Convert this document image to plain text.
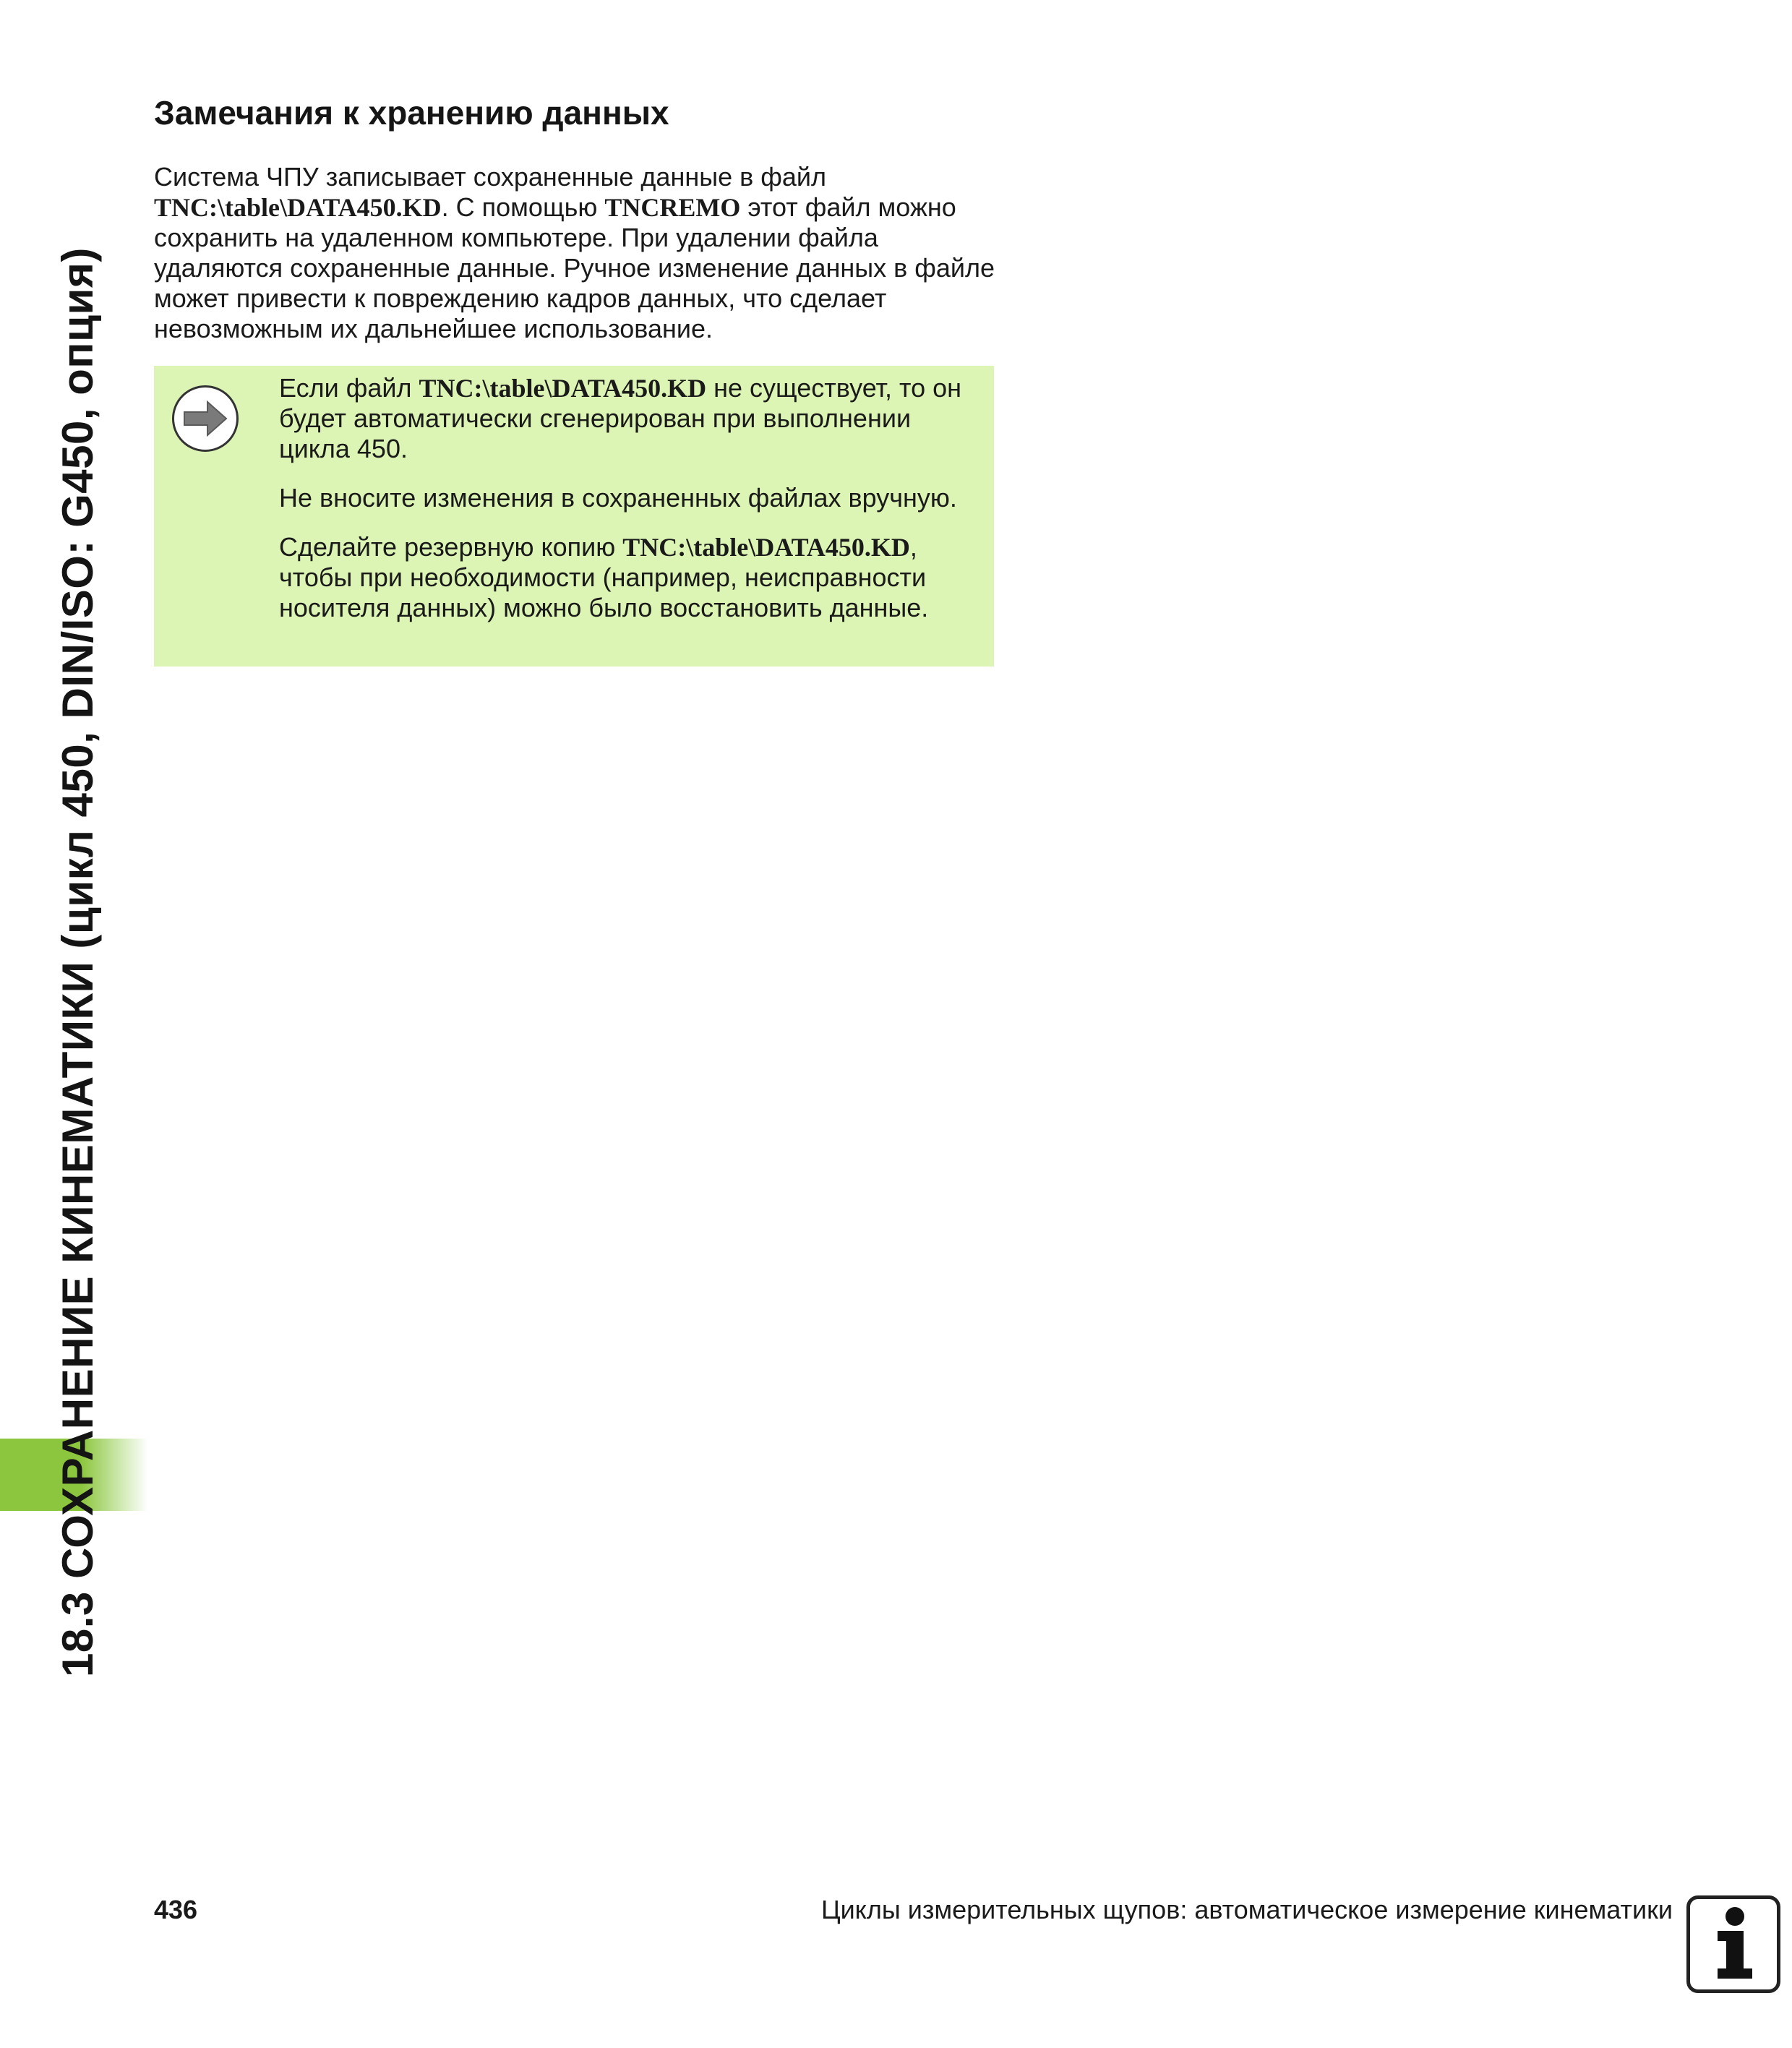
18.3 СОХРАНЕНИЕ КИНЕМАТИКИ (цикл 450, DIN/ISO: G450, опция)
Замечания к хранению данных
Система ЧПУ записывает сохраненные данные в файл TNC:\table\DATA450.KD. С помощью TNCREMO этот файл можно сохранить на удаленном компьютере. При удалении файла удаляются сохраненные данные. Ручное изменение данных в файле может привести к повреждению кадров данных, что сделает невозможным их дальнейшее использование.

Если файл TNC:\table\DATA450.KD не существует, то он будет автоматически сгенерирован при выполнении цикла 450.

Не вносите изменения в сохраненных файлах вручную.

Сделайте резервную копию TNC:\table\DATA450.KD, чтобы при необходимости (например, неисправности носителя данных) можно было восстановить данные.

436	Циклы измерительных щупов: автоматическое измерение кинематики
